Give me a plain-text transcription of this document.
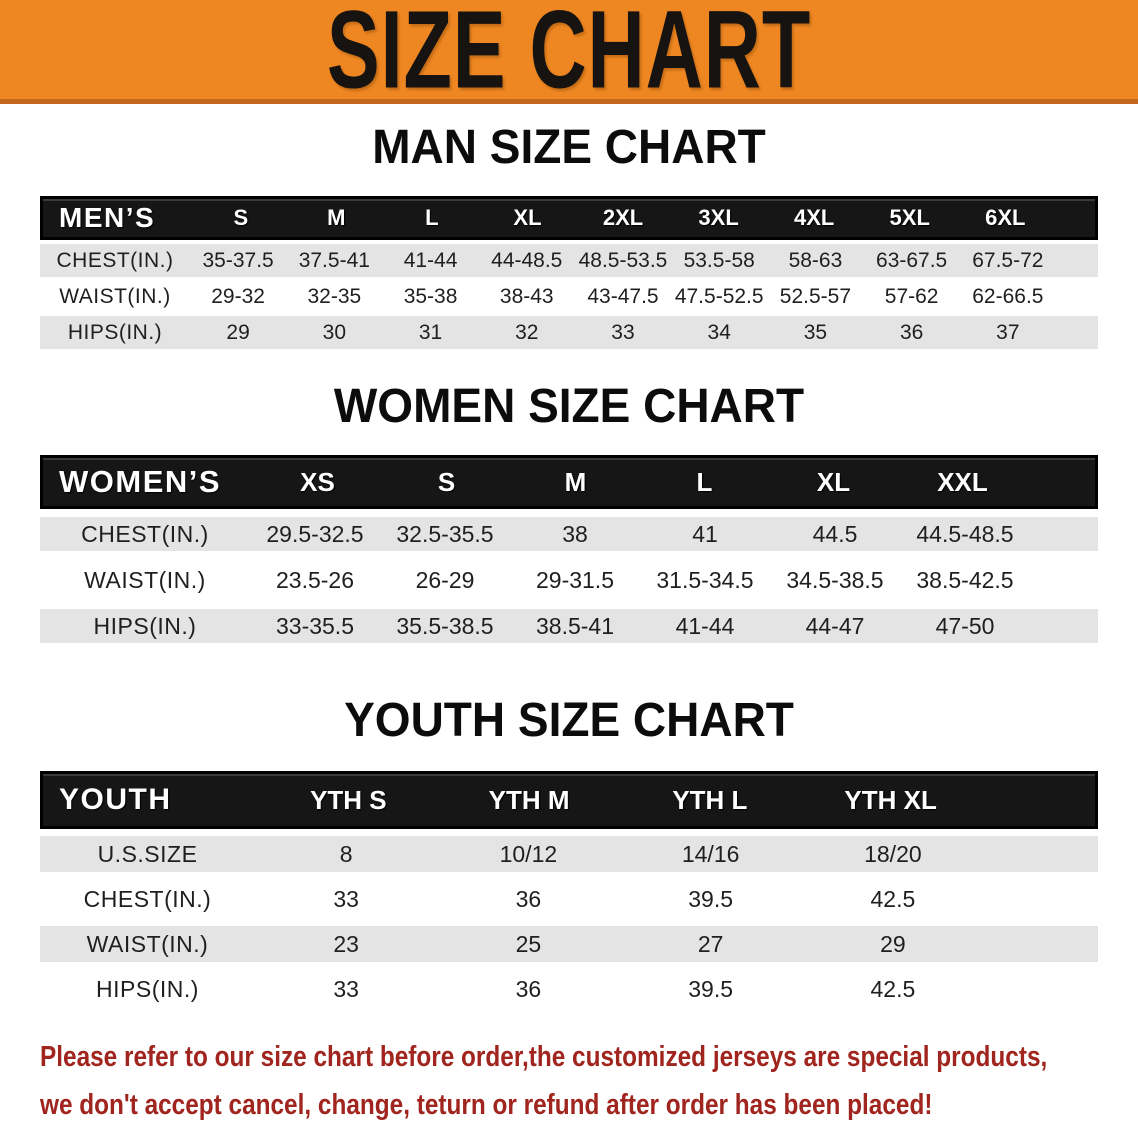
SIZE CHART
MAN SIZE CHART
MEN’S	S	M	L	XL	2XL	3XL	4XL	5XL	6XL
CHEST(IN.)	35-37.5	37.5-41	41-44	44-48.5 48.5-53.5 53.5-58	58-63	63-67.5	67.5-72
WAIST(IN.)	29-32	32-35	35-38	38-43	43-47.5 47.5-52.5 52.5-57	57-62	62-66.5
HIPS(IN.)	29	30	31	32	33	34	35	36	37
WOMEN SIZE CHART
WOMEN’S	XS	S	M	L	XL	XXL
CHEST(IN.)	29.5-32.5	32.5-35.5	38	41	44.5	44.5-48.5
WAIST(IN.)	23.5-26	26-29	29-31.5	31.5-34.5	34.5-38.5	38.5-42.5
HIPS(IN.)	33-35.5	35.5-38.5	38.5-41	41-44	44-47	47-50
YOUTH SIZE CHART
YOUTH	YTH S	YTH M	YTH L	YTH XL
U.S.SIZE	8	10/12	14/16	18/20
CHEST(IN.)	33	36	39.5	42.5
WAIST(IN.)	23	25	27	29
HIPS(IN.)	33	36	39.5	42.5
Please refer to our size chart before order,the customized jerseys are special products,
we don't accept cancel, change, teturn or refund after order has been placed!
